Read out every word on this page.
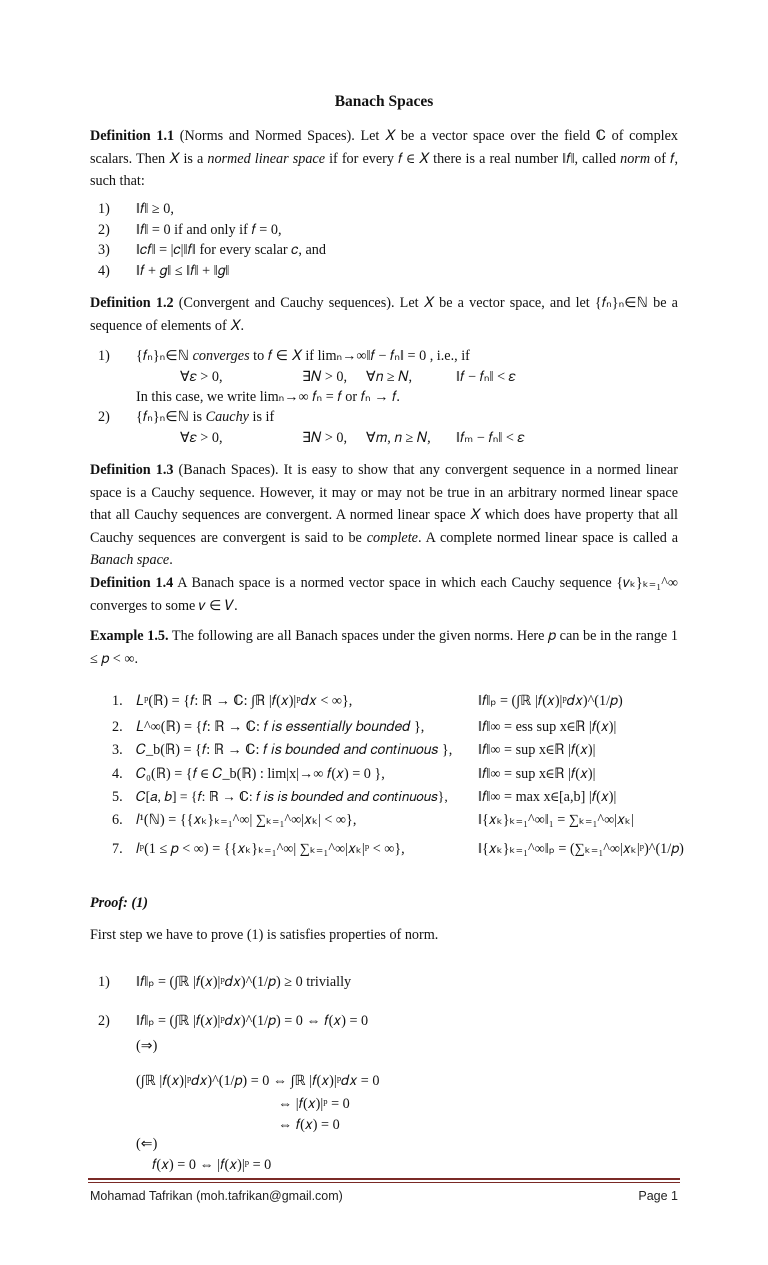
Banach Spaces
Definition 1.1 (Norms and Normed Spaces). Let 𝑋 be a vector space over the field ℂ of complex scalars. Then 𝑋 is a normed linear space if for every 𝑓 ∈ 𝑋 there is a real number ‖𝑓‖, called norm of 𝑓, such that:
1) ‖𝑓‖ ≥ 0,
2) ‖𝑓‖ = 0 if and only if 𝑓 = 0,
3) ‖𝑐𝑓‖ = |𝑐|‖𝑓‖ for every scalar 𝑐, and
4) ‖𝑓 + 𝑔‖ ≤ ‖𝑓‖ + ‖𝑔‖
Definition 1.2 (Convergent and Cauchy sequences). Let 𝑋 be a vector space, and let {𝑓ₙ}ₙ∈ℕ be a sequence of elements of 𝑋.
1) {𝑓ₙ}ₙ∈ℕ converges to 𝑓 ∈ 𝑋 if limₙ→∞‖𝑓 − 𝑓ₙ‖ = 0 , i.e., if
∀𝜀 > 0,	∃𝑁 > 0, ∀𝑛 ≥ 𝑁,	‖𝑓 − 𝑓ₙ‖ < 𝜀
In this case, we write limₙ→∞ 𝑓ₙ = 𝑓 or 𝑓ₙ → 𝑓.
2) {𝑓ₙ}ₙ∈ℕ is Cauchy is if
∀𝜀 > 0,	∃𝑁 > 0, ∀𝑚, 𝑛 ≥ 𝑁, ‖𝑓ₘ − 𝑓ₙ‖ < 𝜀
Definition 1.3 (Banach Spaces). It is easy to show that any convergent sequence in a normed linear space is a Cauchy sequence. However, it may or may not be true in an arbitrary normed linear space that all Cauchy sequences are convergent. A normed linear space 𝑋 which does have property that all Cauchy sequences are convergent is said to be complete. A complete normed linear space is called a Banach space.
Definition 1.4 A Banach space is a normed vector space in which each Cauchy sequence {𝑣ₖ}ₖ₌₁^∞ converges to some 𝑣 ∈ 𝑉.
Example 1.5. The following are all Banach spaces under the given norms. Here 𝑝 can be in the range 1 ≤ 𝑝 < ∞.
1. 𝐿ᵖ(ℝ) = {𝑓: ℝ → ℂ: ∫ℝ |𝑓(𝑥)|ᵖ𝑑𝑥 < ∞},	‖𝑓‖ₚ = (∫ℝ |𝑓(𝑥)|ᵖ𝑑𝑥)^(1/𝑝)
2. 𝐿^∞(ℝ) = {𝑓: ℝ → ℂ: 𝑓 𝑖𝑠 𝑒𝑠𝑠𝑒𝑛𝑡𝑖𝑎𝑙𝑙𝑦 𝑏𝑜𝑢𝑛𝑑𝑒𝑑 },	‖𝑓‖∞ = ess sup x∈ℝ |𝑓(𝑥)|
3. 𝐶_b(ℝ) = {𝑓: ℝ → ℂ: 𝑓 𝑖𝑠 𝑏𝑜𝑢𝑛𝑑𝑒𝑑 𝑎𝑛𝑑 𝑐𝑜𝑛𝑡𝑖𝑛𝑢𝑜𝑢𝑠 }, ‖𝑓‖∞ = sup x∈ℝ |𝑓(𝑥)|
4. 𝐶₀(ℝ) = {𝑓 ∈ 𝐶_b(ℝ) : lim|x|→∞ 𝑓(𝑥) = 0 },	‖𝑓‖∞ = sup x∈ℝ |𝑓(𝑥)|
5. 𝐶[𝑎, 𝑏] = {𝑓: ℝ → ℂ: 𝑓 𝑖𝑠 𝑖𝑠 𝑏𝑜𝑢𝑛𝑑𝑒𝑑 𝑎𝑛𝑑 𝑐𝑜𝑛𝑡𝑖𝑛𝑢𝑜𝑢𝑠}, ‖𝑓‖∞ = max x∈[a,b] |𝑓(𝑥)|
6. 𝑙¹(ℕ) = {{𝑥ₖ}ₖ₌₁^∞| ∑ₖ₌₁^∞|𝑥ₖ| < ∞},	‖{𝑥ₖ}ₖ₌₁^∞‖₁ = ∑ₖ₌₁^∞|𝑥ₖ|
7. 𝑙ᵖ(1 ≤ 𝑝 < ∞) = {{𝑥ₖ}ₖ₌₁^∞| ∑ₖ₌₁^∞|𝑥ₖ|ᵖ < ∞},	‖{𝑥ₖ}ₖ₌₁^∞‖ₚ = (∑ₖ₌₁^∞|𝑥ₖ|ᵖ)^(1/𝑝)
Proof: (1)
First step we have to prove (1) is satisfies properties of norm.
1) ‖𝑓‖ₚ = (∫ℝ |𝑓(𝑥)|ᵖ𝑑𝑥)^(1/𝑝) ≥ 0 trivially
2) ‖𝑓‖ₚ = (∫ℝ |𝑓(𝑥)|ᵖ𝑑𝑥)^(1/𝑝) = 0 ⇔ 𝑓(𝑥) = 0
(⇒)
(∫ℝ |𝑓(𝑥)|ᵖ𝑑𝑥)^(1/𝑝) = 0 ⇔ ∫ℝ |𝑓(𝑥)|ᵖ𝑑𝑥 = 0
⇔ |𝑓(𝑥)|ᵖ = 0
⇔ 𝑓(𝑥) = 0
(⇐)
𝑓(𝑥) = 0 ⇔ |𝑓(𝑥)|ᵖ = 0
Mohamad Tafrikan (moh.tafrikan@gmail.com)	Page 1
